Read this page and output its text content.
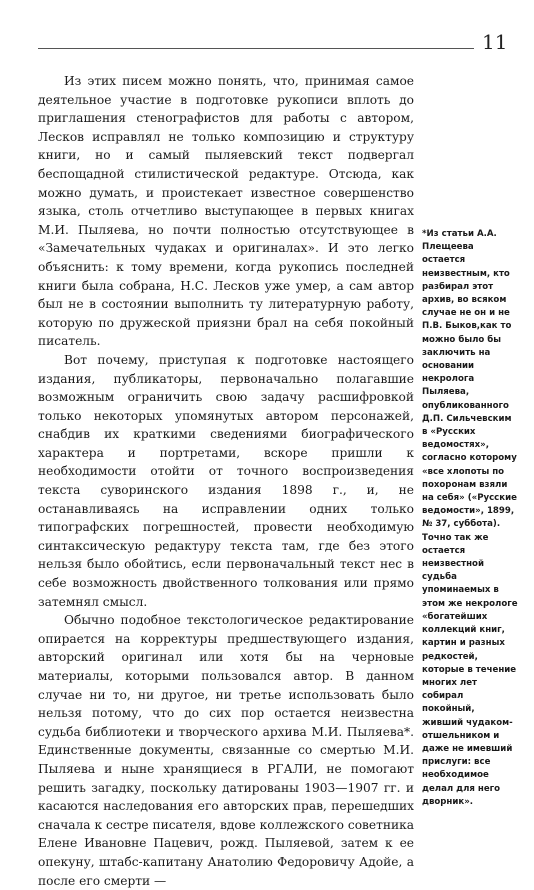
11

Из этих писем можно понять, что, принимая самое деятельное участие в подготовке рукописи вплоть до приглашения стенографистов для работы с автором, Лесков исправлял не только композицию и структуру книги, но и самый пыляевский текст подвергал беспощадной стилистической редактуре. Отсюда, как можно думать, и проистекает известное совершенство языка, столь отчетливо выступающее в первых книгах М.И. Пыляева, но почти полностью отсутствующее в «Замечательных чудаках и оригиналах». И это легко объяснить: к тому времени, когда рукопись последней книги была собрана, Н.С. Лесков уже умер, а сам автор был не в состоянии выполнить ту литературную работу, которую по дружеской приязни брал на себя покойный писатель.

Вот почему, приступая к подготовке настоящего издания, публикаторы, первоначально полагавшие возможным ограничить свою задачу расшифровкой только некоторых упомянутых автором персонажей, снабдив их краткими сведениями биографического характера и портретами, вскоре пришли к необходимости отойти от точного воспроизведения текста суворинского издания 1898 г., и, не останавливаясь на исправлении одних только типографских погрешностей, провести необходимую синтаксическую редактуру текста там, где без этого нельзя было обойтись, если первоначальный текст нес в себе возможность двойственного толкования или прямо затемнял смысл.

Обычно подобное текстологическое редактирование опирается на корректуры предшествующего издания, авторский оригинал или хотя бы на черновые материалы, которыми пользовался автор. В данном случае ни то, ни другое, ни третье использовать было нельзя потому, что до сих пор остается неизвестна судьба библиотеки и творческого архива М.И. Пыляева*. Единственные документы, связанные со смертью М.И. Пыляева и ныне хранящиеся в РГАЛИ, не помогают решить загадку, поскольку датированы 1903—1907 гг. и касаются наследования его авторских прав, перешедших сначала к сестре писателя, вдове коллежского советника Елене Ивановне Пацевич, рожд. Пыляевой, затем к ее опекуну, штабс-капитану Анатолию Федоровичу Адойе, а после его смерти —

*Из статьи А.А. Плещеева остается неизвестным, кто разбирал этот архив, во всяком случае не он и не П.В. Быков,как то можно было бы заключить на основании некролога Пыляева, опубликованного Д.П. Сильчевским в «Русских ведомостях», согласно которому «все хлопоты по похоронам взяли на себя» («Русские ведомости», 1899, № 37, суббота). Точно так же остается неизвестной судьба упоминаемых в этом же некрологе «богатейших коллекций книг, картин и разных редкостей, которые в течение многих лет собирал покойный, живший чудаком-отшельником и даже не имевший прислуги: все необходимое делал для него дворник».
